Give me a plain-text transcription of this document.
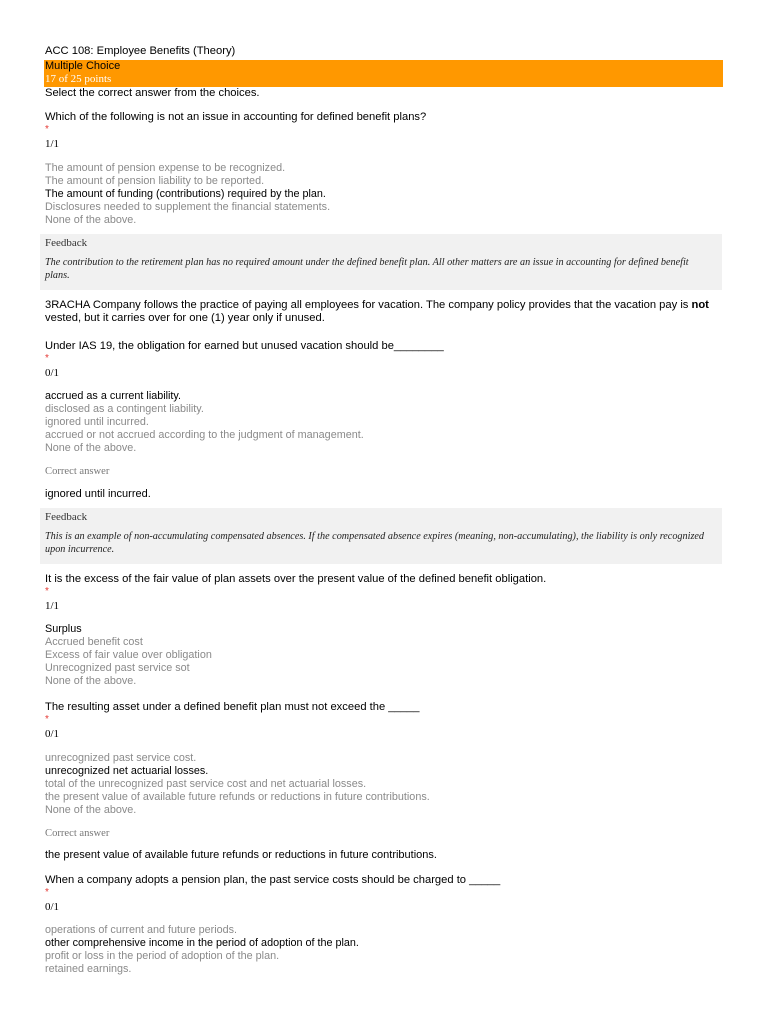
ACC 108: Employee Benefits (Theory)
Multiple Choice
17 of 25 points
Select the correct answer from the choices.
Which of the following is not an issue in accounting for defined benefit plans?
*
1/1
The amount of pension expense to be recognized.
The amount of pension liability to be reported.
The amount of funding (contributions) required by the plan.
Disclosures needed to supplement the financial statements.
None of the above.
Feedback
The contribution to the retirement plan has no required amount under the defined benefit plan. All other matters are an issue in accounting for defined benefit plans.
3RACHA Company follows the practice of paying all employees for vacation. The company policy provides that the vacation pay is not vested, but it carries over for one (1) year only if unused.
Under IAS 19, the obligation for earned but unused vacation should be________
*
0/1
accrued as a current liability.
disclosed as a contingent liability.
ignored until incurred.
accrued or not accrued according to the judgment of management.
None of the above.
Correct answer
ignored until incurred.
Feedback
This is an example of non-accumulating compensated absences. If the compensated absence expires (meaning, non-accumulating), the liability is only recognized upon incurrence.
It is the excess of the fair value of plan assets over the present value of the defined benefit obligation.
*
1/1
Surplus
Accrued benefit cost
Excess of fair value over obligation
Unrecognized past service sot
None of the above.
The resulting asset under a defined benefit plan must not exceed the _____
*
0/1
unrecognized past service cost.
unrecognized net actuarial losses.
total of the unrecognized past service cost and net actuarial losses.
the present value of available future refunds or reductions in future contributions.
None of the above.
Correct answer
the present value of available future refunds or reductions in future contributions.
When a company adopts a pension plan, the past service costs should be charged to _____
*
0/1
operations of current and future periods.
other comprehensive income in the period of adoption of the plan.
profit or loss in the period of adoption of the plan.
retained earnings.
